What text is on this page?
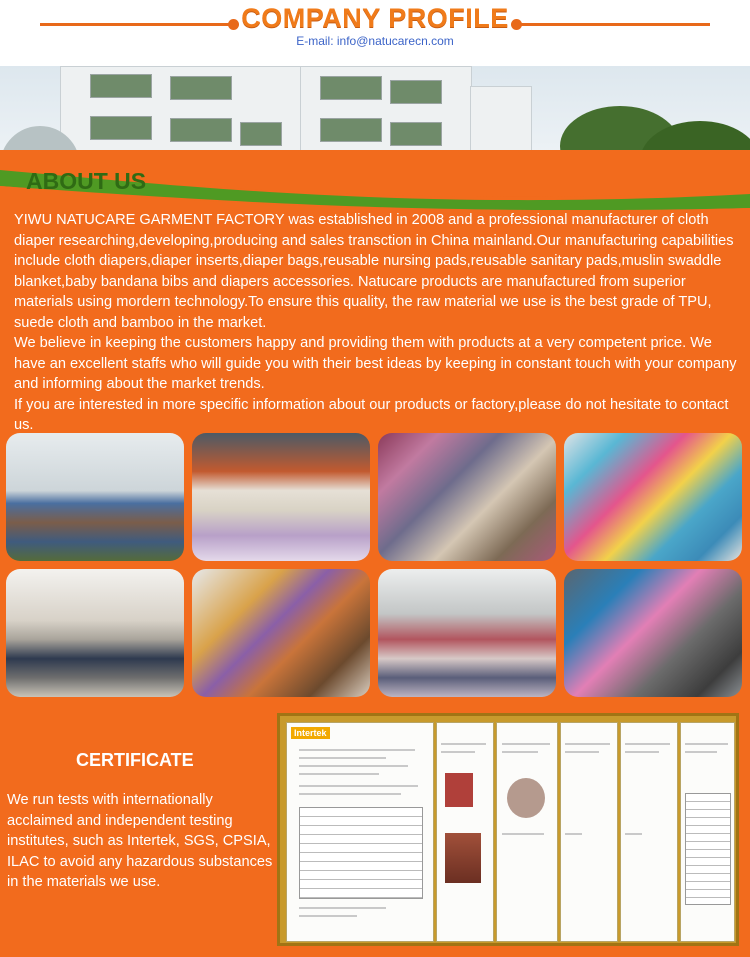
COMPANY PROFILE
E-mail: info@natucarecn.com
ABOUT US

YIWU NATUCARE GARMENT FACTORY was established in 2008 and a professional manufacturer of cloth diaper researching,developing,producing and sales transction in China mainland.Our manufacturing capabilities include cloth diapers,diaper inserts,diaper bags,reusable nursing pads,reusable sanitary pads,muslin swaddle blanket,baby bandana bibs and diapers accessories. Natucare products are manufactured from superior materials using mordern technology.To ensure this quality, the raw material we use is the best grade of TPU, suede cloth and bamboo in the market.

We believe in keeping the customers happy and providing them with products at a very competent price. We have an excellent staffs who will guide you with their best ideas by keeping in constant touch with your company and informing about the market trends.

If you are interested in more specific information about our products or factory,please do not hesitate to contact us.

CERTIFICATE
We run tests with internationally acclaimed and independent testing institutes, such as Intertek, SGS, CPSIA, ILAC to avoid any hazardous substances in the materials we use.
Intertek
